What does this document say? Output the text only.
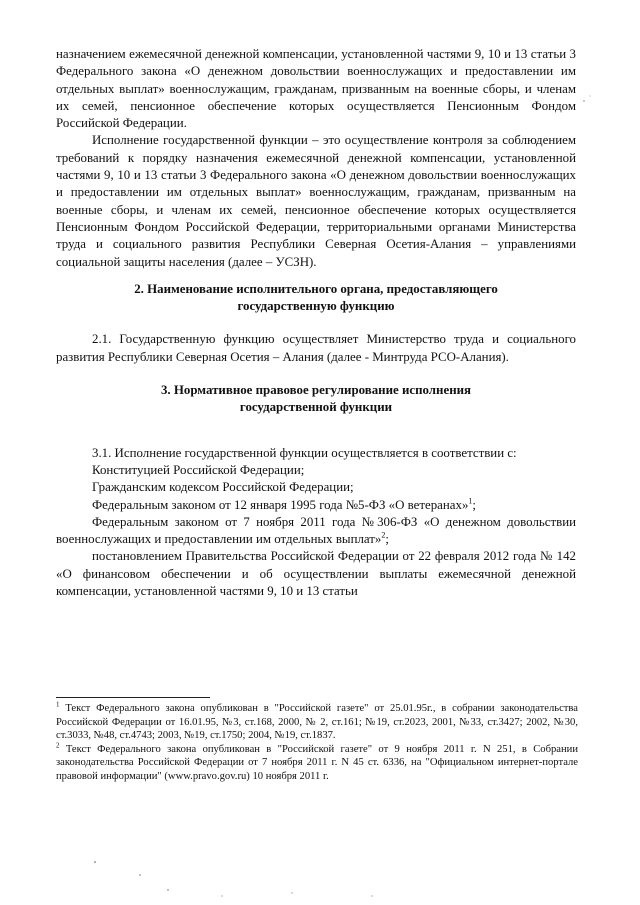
назначением ежемесячной денежной компенсации, установленной частями 9, 10 и 13 статьи 3 Федерального закона «О денежном довольствии военнослужащих и предоставлении им отдельных выплат» военнослужащим, гражданам, призванным на военные сборы, и членам их семей, пенсионное обеспечение которых осуществляется Пенсионным Фондом Российской Федерации.

Исполнение государственной функции – это осуществление контроля за соблюдением требований к порядку назначения ежемесячной денежной компенсации, установленной частями 9, 10 и 13 статьи 3 Федерального закона «О денежном довольствии военнослужащих и предоставлении им отдельных выплат» военнослужащим, гражданам, призванным на военные сборы, и членам их семей, пенсионное обеспечение которых осуществляется Пенсионным Фондом Российской Федерации, территориальными органами Министерства труда и социального развития Республики Северная Осетия-Алания – управлениями социальной защиты населения (далее – УСЗН).

2. Наименование исполнительного органа, предоставляющего
государственную функцию

2.1. Государственную функцию осуществляет Министерство труда и социального развития Республики Северная Осетия – Алания (далее - Минтруда РСО-Алания).

3. Нормативное правовое регулирование исполнения
государственной функции

3.1. Исполнение государственной функции осуществляется в соответствии с:

Конституцией Российской Федерации;

Гражданским кодексом Российской Федерации;

Федеральным законом от 12 января 1995 года №5-ФЗ «О ветеранах»$^1$;

Федеральным законом от 7 ноября 2011 года №306-ФЗ «О денежном довольствии военнослужащих и предоставлении им отдельных выплат»$^2$;

постановлением Правительства Российской Федерации от 22 февраля 2012 года № 142 «О финансовом обеспечении и об осуществлении выплаты ежемесячной денежной компенсации, установленной частями 9, 10 и 13 статьи

$^1$ Текст Федерального закона опубликован в "Российской газете" от 25.01.95г., в собрании законодательства Российской Федерации от 16.01.95, №3, ст.168, 2000, № 2, ст.161; №19, ст.2023, 2001, №33, ст.3427; 2002, №30, ст.3033, №48, ст.4743; 2003, №19, ст.1750; 2004, №19, ст.1837.

$^2$ Текст Федерального закона опубликован в "Российской газете" от 9 ноября 2011 г. N 251, в Собрании законодательства Российской Федерации от 7 ноября 2011 г. N 45 ст. 6336, на "Официальном интернет-портале правовой информации" (www.pravo.gov.ru) 10 ноября 2011 г.
